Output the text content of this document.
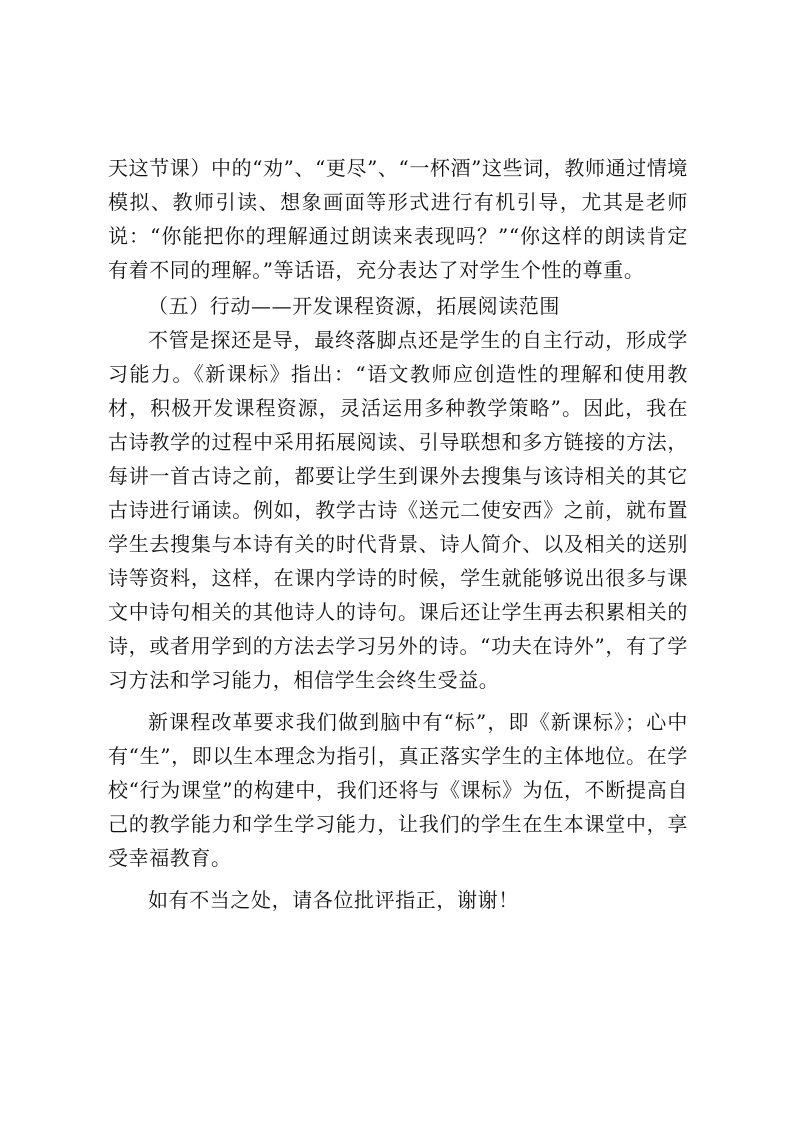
天这节课）中的“劝”、“更尽”、“一杯酒”这些词，教师通过情境模拟、教师引读、想象画面等形式进行有机引导，尤其是老师说：“你能把你的理解通过朗读来表现吗？”“你这样的朗读肯定有着不同的理解。”等话语，充分表达了对学生个性的尊重。

（五）行动——开发课程资源，拓展阅读范围

不管是探还是导，最终落脚点还是学生的自主行动，形成学习能力。《新课标》指出：“语文教师应创造性的理解和使用教材，积极开发课程资源，灵活运用多种教学策略”。因此，我在古诗教学的过程中采用拓展阅读、引导联想和多方链接的方法，每讲一首古诗之前，都要让学生到课外去搜集与该诗相关的其它古诗进行诵读。例如，教学古诗《送元二使安西》之前，就布置学生去搜集与本诗有关的时代背景、诗人简介、以及相关的送别诗等资料，这样，在课内学诗的时候，学生就能够说出很多与课文中诗句相关的其他诗人的诗句。课后还让学生再去积累相关的诗，或者用学到的方法去学习另外的诗。“功夫在诗外”，有了学习方法和学习能力，相信学生会终生受益。

新课程改革要求我们做到脑中有“标”，即《新课标》；心中有“生”，即以生本理念为指引，真正落实学生的主体地位。在学校“行为课堂”的构建中，我们还将与《课标》为伍，不断提高自己的教学能力和学生学习能力，让我们的学生在生本课堂中，享受幸福教育。

如有不当之处，请各位批评指正，谢谢！
